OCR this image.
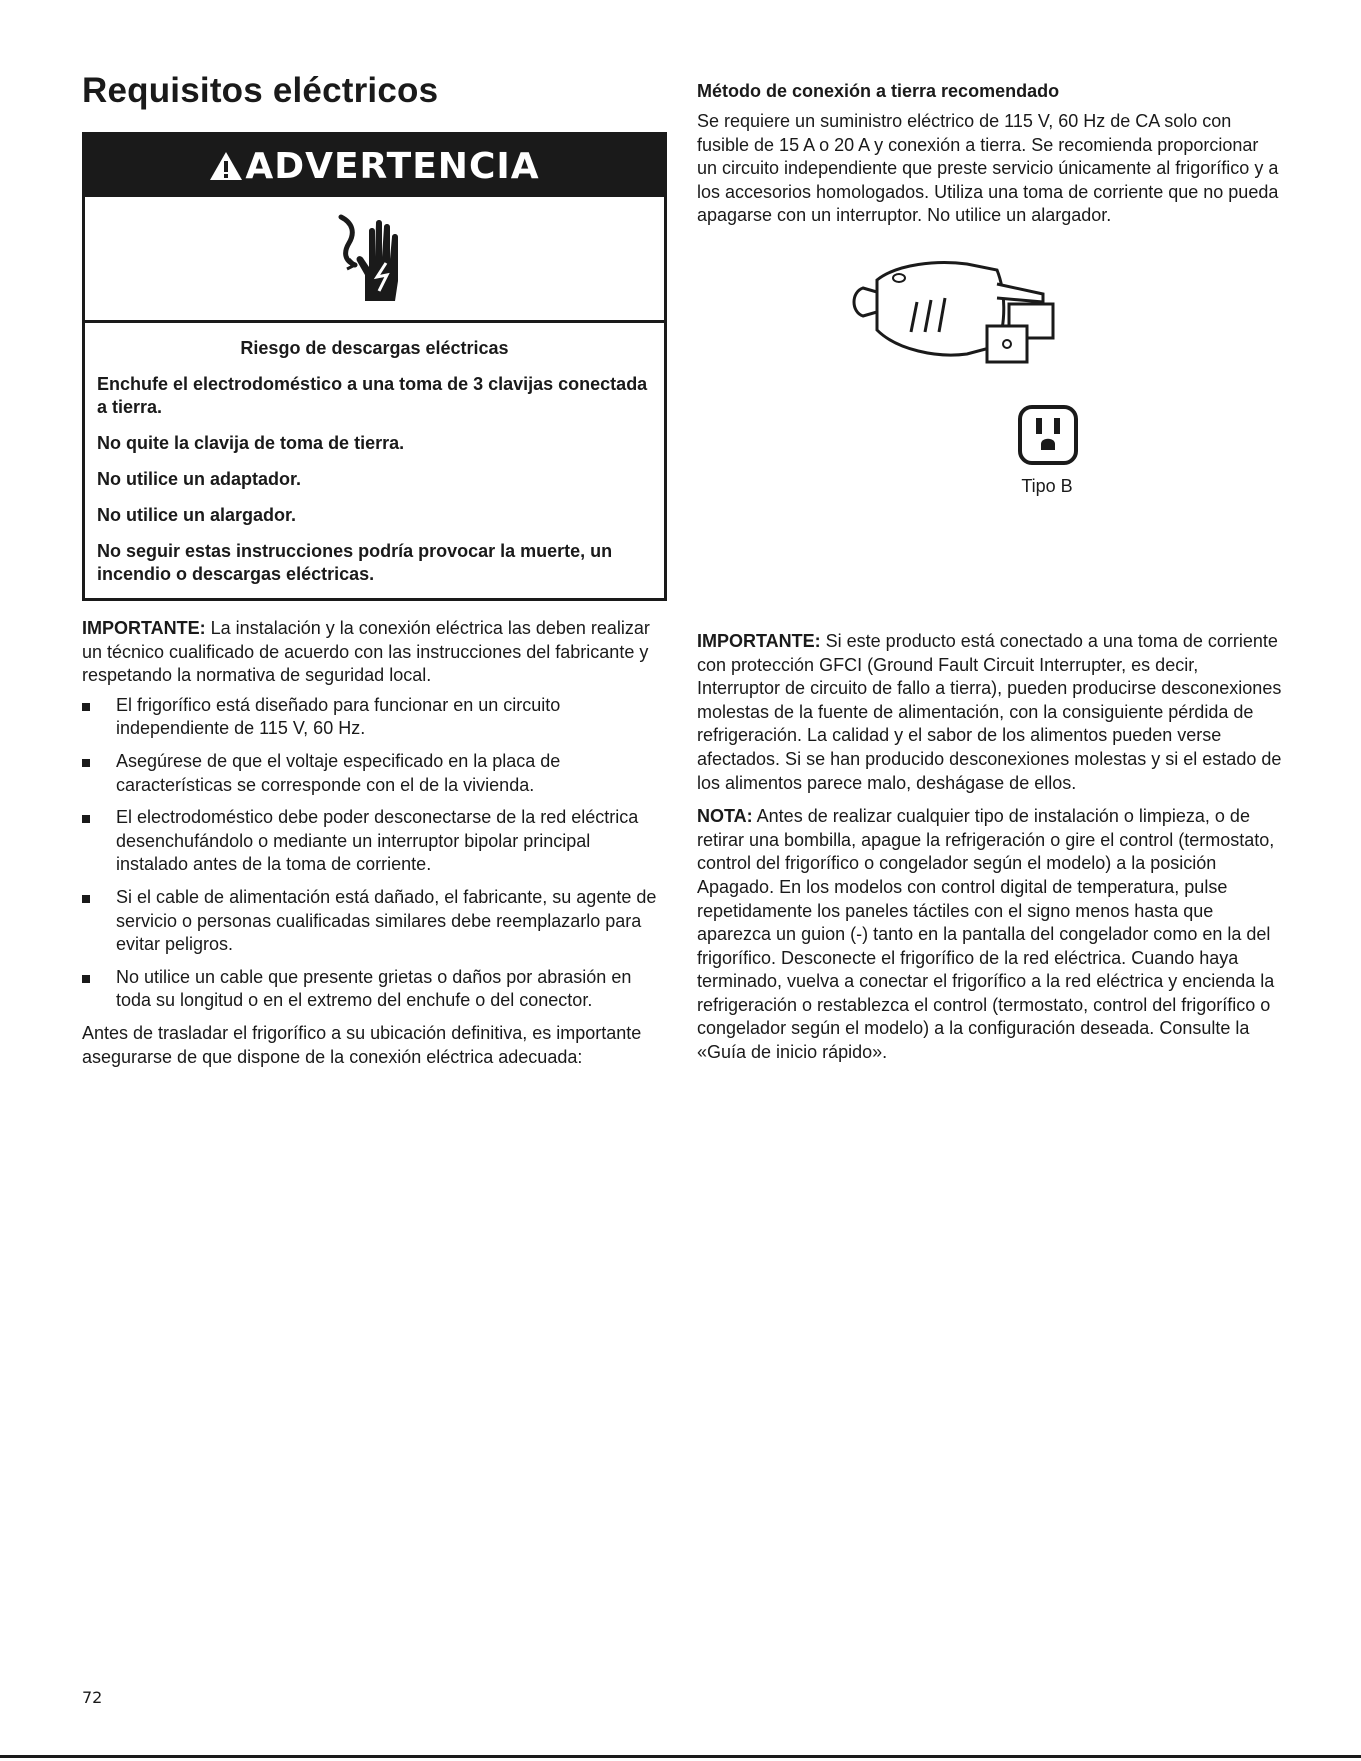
Requisitos eléctricos
ADVERTENCIA
Riesgo de descargas eléctricas

Enchufe el electrodoméstico a una toma de 3 clavijas conectada a tierra.

No quite la clavija de toma de tierra.

No utilice un adaptador.

No utilice un alargador.

No seguir estas instrucciones podría provocar la muerte, un incendio o descargas eléctricas.

IMPORTANTE: La instalación y la conexión eléctrica las deben realizar un técnico cualificado de acuerdo con las instrucciones del fabricante y respetando la normativa de seguridad local.

El frigorífico está diseñado para funcionar en un circuito independiente de 115 V, 60 Hz.
Asegúrese de que el voltaje especificado en la placa de características se corresponde con el de la vivienda.
El electrodoméstico debe poder desconectarse de la red eléctrica desenchufándolo o mediante un interruptor bipolar principal instalado antes de la toma de corriente.
Si el cable de alimentación está dañado, el fabricante, su agente de servicio o personas cualificadas similares debe reemplazarlo para evitar peligros.
No utilice un cable que presente grietas o daños por abrasión en toda su longitud o en el extremo del enchufe o del conector.

Antes de trasladar el frigorífico a su ubicación definitiva, es importante asegurarse de que dispone de la conexión eléctrica adecuada:

Método de conexión a tierra recomendado

Se requiere un suministro eléctrico de 115 V, 60 Hz de CA solo con fusible de 15 A o 20 A y conexión a tierra. Se recomienda proporcionar un circuito independiente que preste servicio únicamente al frigorífico y a los accesorios homologados. Utiliza una toma de corriente que no pueda apagarse con un interruptor. No utilice un alargador.

Tipo B

IMPORTANTE: Si este producto está conectado a una toma de corriente con protección GFCI (Ground Fault Circuit Interrupter, es decir, Interruptor de circuito de fallo a tierra), pueden producirse desconexiones molestas de la fuente de alimentación, con la consiguiente pérdida de refrigeración. La calidad y el sabor de los alimentos pueden verse afectados. Si se han producido desconexiones molestas y si el estado de los alimentos parece malo, deshágase de ellos.

NOTA: Antes de realizar cualquier tipo de instalación o limpieza, o de retirar una bombilla, apague la refrigeración o gire el control (termostato, control del frigorífico o congelador según el modelo) a la posición Apagado. En los modelos con control digital de temperatura, pulse repetidamente los paneles táctiles con el signo menos hasta que aparezca un guion (-) tanto en la pantalla del congelador como en la del frigorífico. Desconecte el frigorífico de la red eléctrica. Cuando haya terminado, vuelva a conectar el frigorífico a la red eléctrica y encienda la refrigeración o restablezca el control (termostato, control del frigorífico o congelador según el modelo) a la configuración deseada. Consulte la «Guía de inicio rápido».

72
